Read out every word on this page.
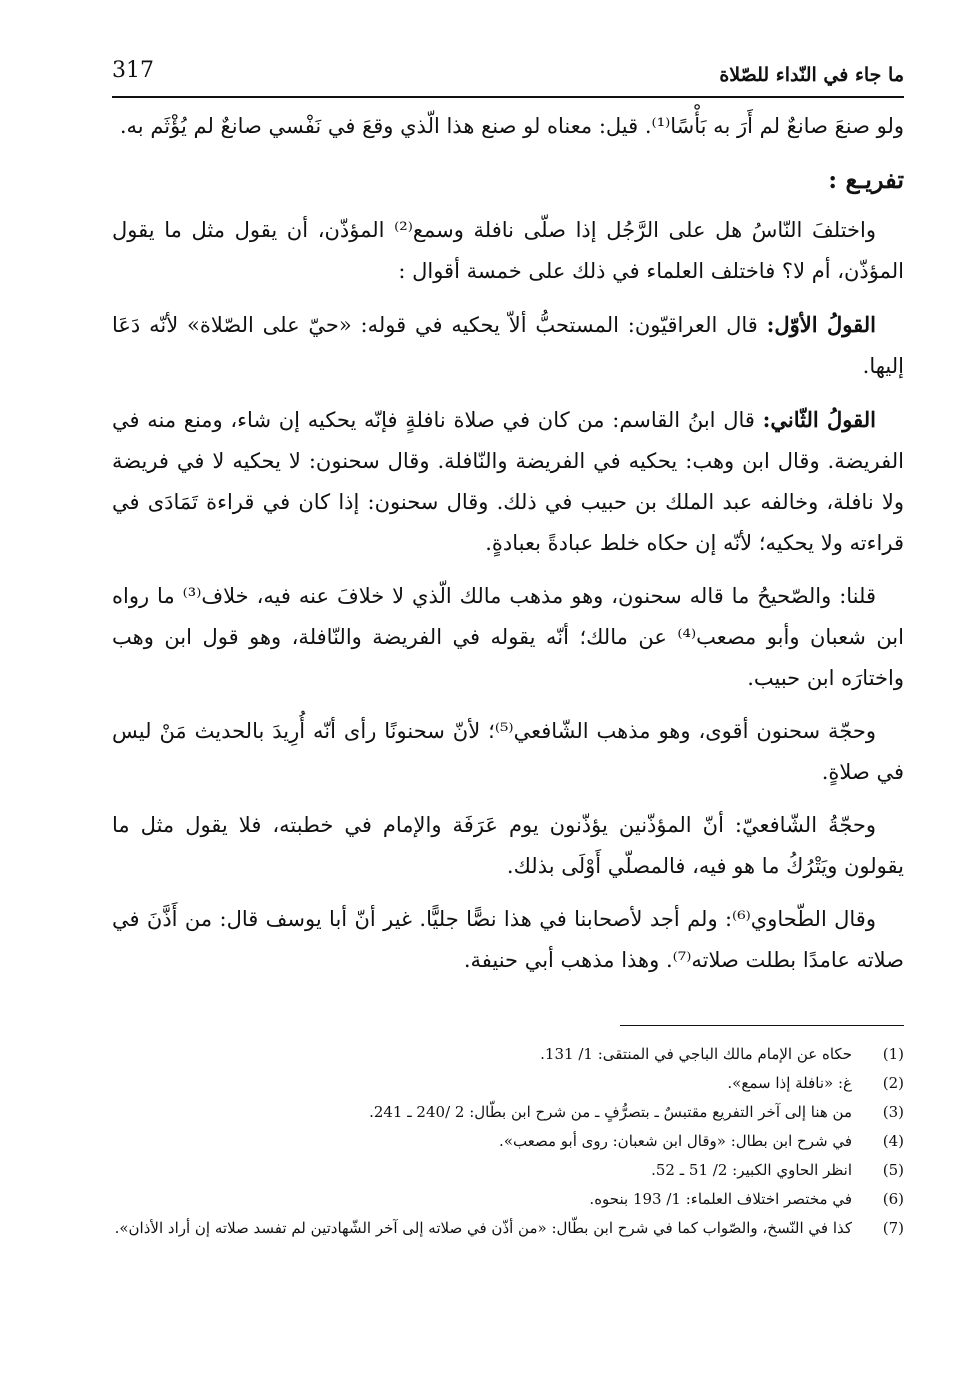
ما جاء في النّداء للصّلاة
317

ولو صنعَ صانعٌ لم أَرَ به بَأْسًا⁽¹⁾. قيل: معناه لو صنع هذا الّذي وقعَ في نَفْسي صانعٌ لم يُؤْثَم به.

تفريـع :

واختلفَ النّاسُ هل على الرَّجُل إذا صلّى نافلة وسمع⁽²⁾ المؤذّن، أن يقول مثل ما يقول المؤذّن، أم لا؟ فاختلف العلماء في ذلك على خمسة أقوال :

القولُ الأوّل: قال العراقيّون: المستحبُّ ألاّ يحكيه في قوله: «حيّ على الصّلاة» لأنّه دَعَا إليها.

القولُ الثّاني: قال ابنُ القاسم: من كان في صلاة نافلةٍ فإنّه يحكيه إن شاء، ومنع منه في الفريضة. وقال ابن وهب: يحكيه في الفريضة والنّافلة. وقال سحنون: لا يحكيه لا في فريضة ولا نافلة، وخالفه عبد الملك بن حبيب في ذلك. وقال سحنون: إذا كان في قراءة تَمَادَى في قراءته ولا يحكيه؛ لأنّه إن حكاه خلط عبادةً بعبادةٍ.

قلنا: والصّحيحُ ما قاله سحنون، وهو مذهب مالك الّذي لا خلافَ عنه فيه، خلاف⁽³⁾ ما رواه ابن شعبان وأبو مصعب⁽⁴⁾ عن مالك؛ أنّه يقوله في الفريضة والنّافلة، وهو قول ابن وهب واختارَه ابن حبيب.

وحجّة سحنون أقوى، وهو مذهب الشّافعي⁽⁵⁾؛ لأنّ سحنونًا رأى أنّه أُرِيدَ بالحديث مَنْ ليس في صلاةٍ.

وحجّةُ الشّافعيّ: أنّ المؤذّنين يؤذّنون يوم عَرَفَة والإمام في خطبته، فلا يقول مثل ما يقولون ويَتْرُكُ ما هو فيه، فالمصلّي أَوْلَى بذلك.

وقال الطّحاوي⁽⁶⁾: ولم أجد لأصحابنا في هذا نصًّا جليًّا. غير أنّ أبا يوسف قال: من أَذَّنَ في صلاته عامدًا بطلت صلاته⁽⁷⁾. وهذا مذهب أبي حنيفة.

(1)
حكاه عن الإمام مالك الباجي في المنتقى: 1/ 131.
(2)
غ: «نافلة إذا سمع».
(3)
من هنا إلى آخر التفريع مقتبسٌ ـ بتصرُّفٍ ـ من شرح ابن بطّال: 2 /240 ـ 241.
(4)
في شرح ابن بطال: «وقال ابن شعبان: روى أبو مصعب».
(5)
انظر الحاوي الكبير: 2/ 51 ـ 52.
(6)
في مختصر اختلاف العلماء: 1/ 193 بنحوه.
(7)
كذا في النّسخ، والصّواب كما في شرح ابن بطّال: «من أذّن في صلاته إلى آخر الشّهادتين لم تفسد صلاته إن أراد الأذان».
